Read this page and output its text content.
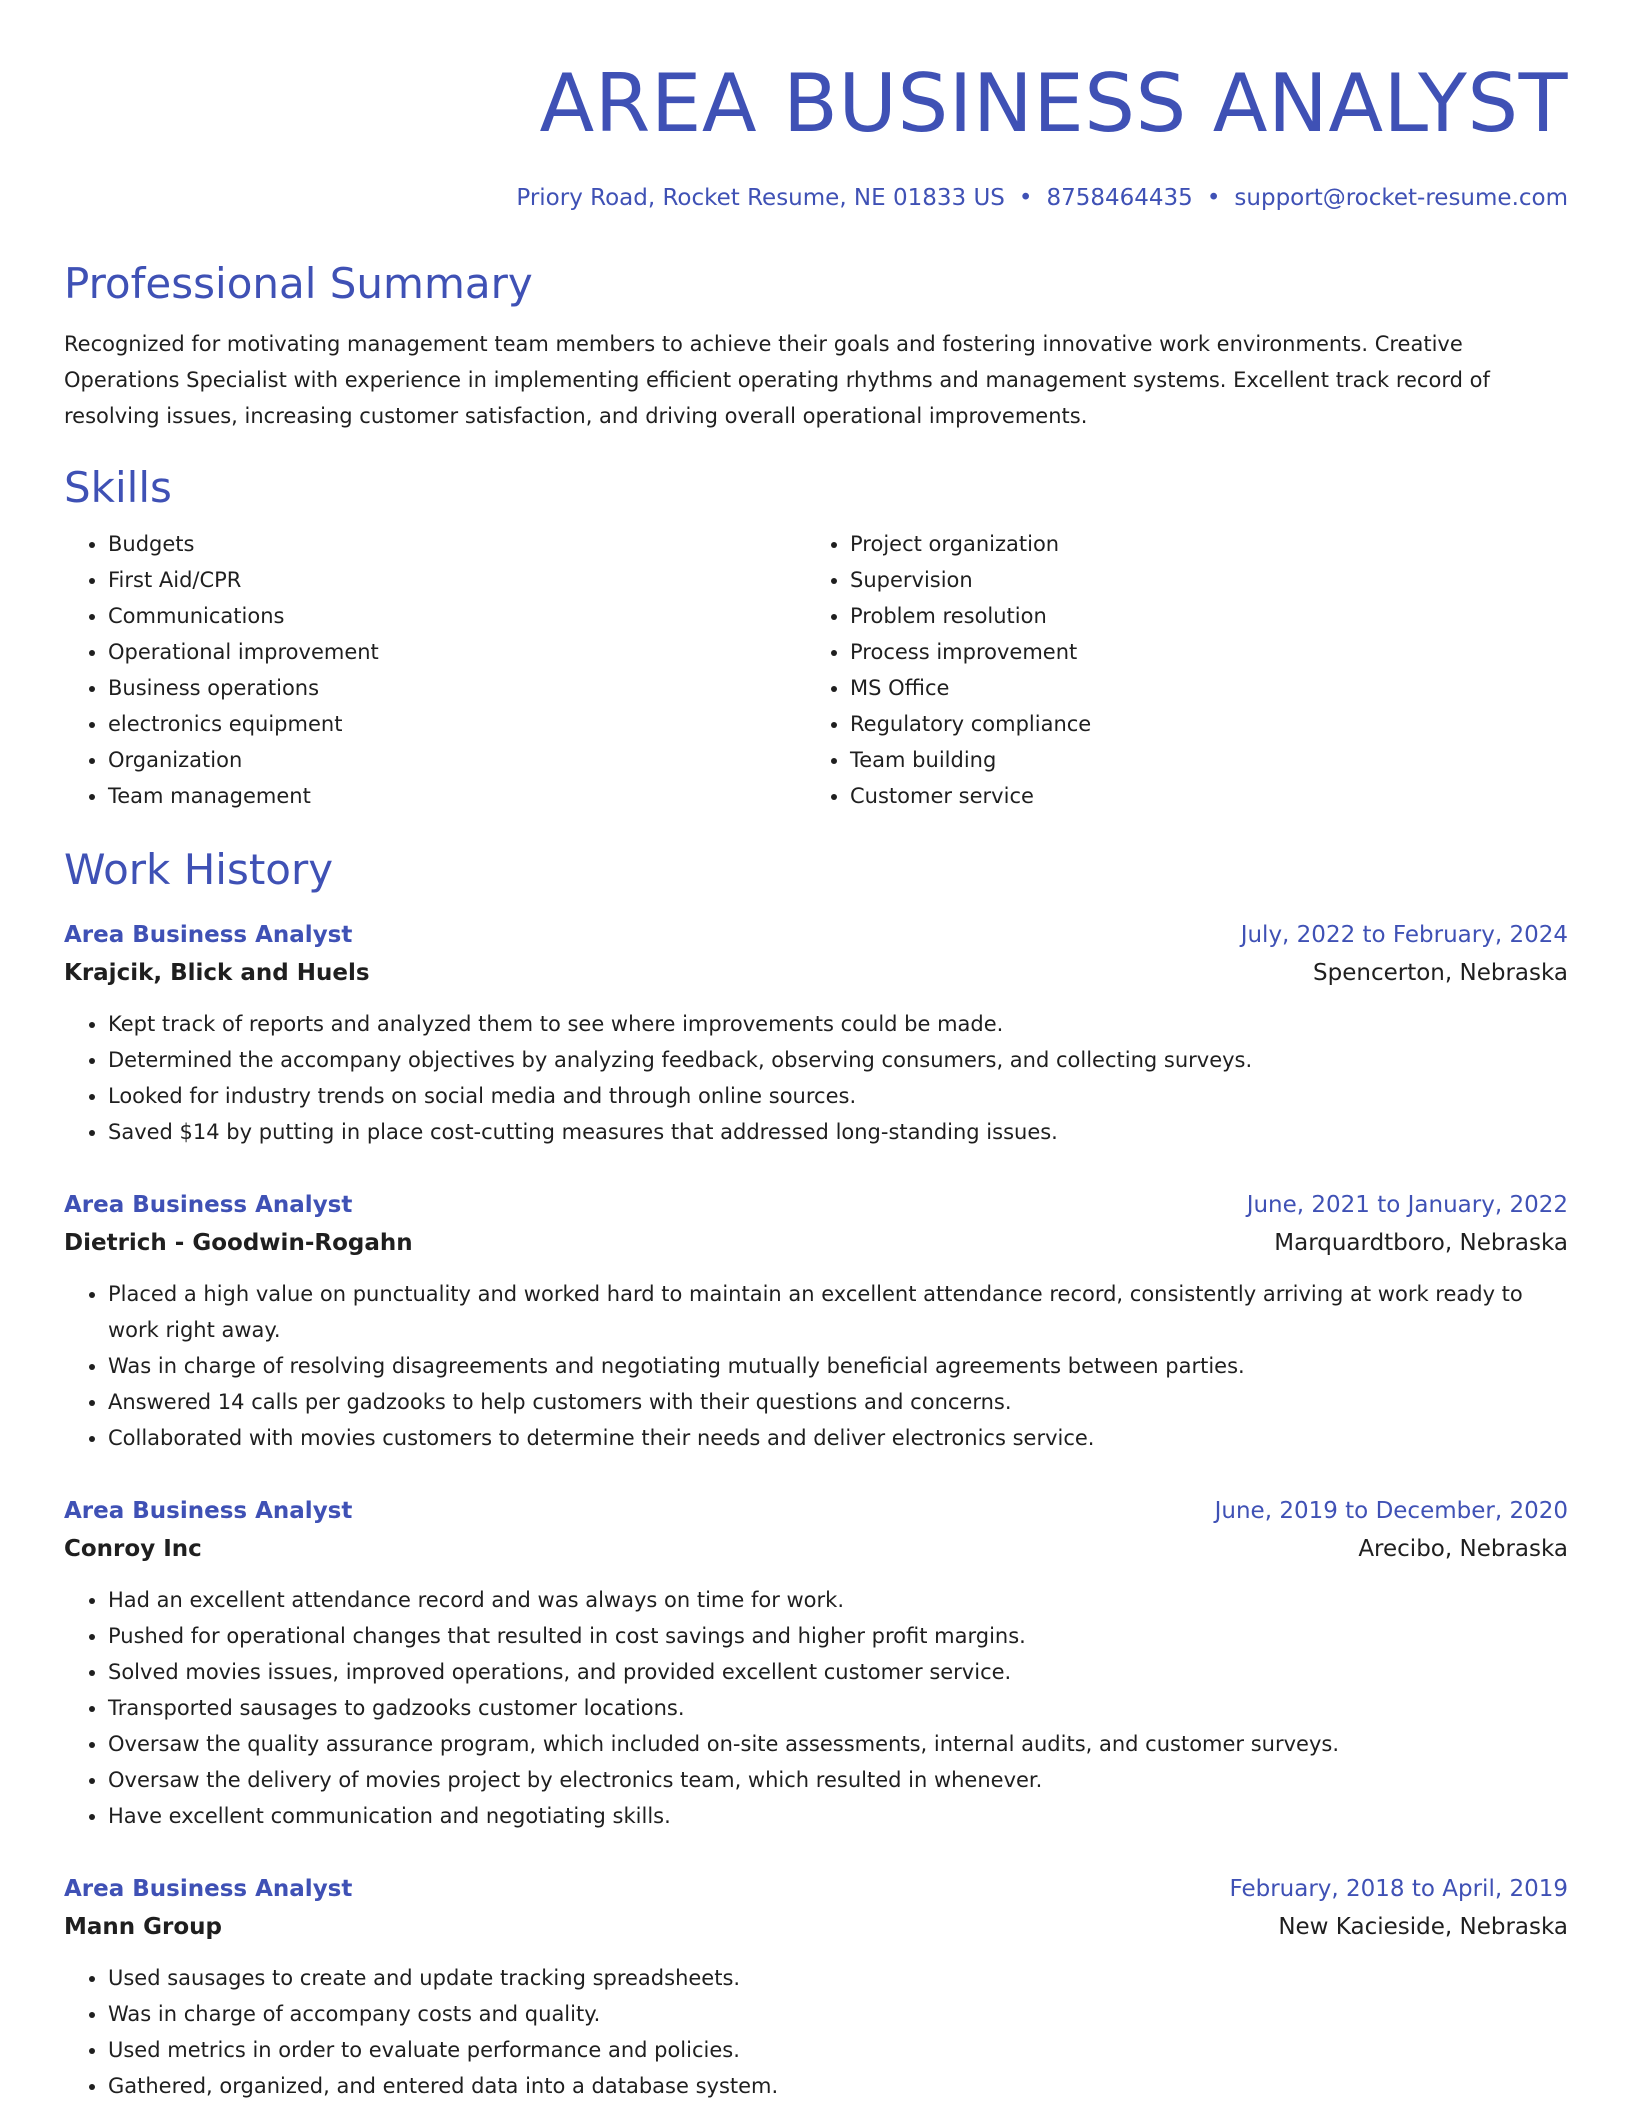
AREA BUSINESS ANALYST
Priory Road, Rocket Resume, NE 01833 US • 8758464435 • support@rocket-resume.com
Professional Summary
Recognized for motivating management team members to achieve their goals and fostering innovative work environments. Creative Operations Specialist with experience in implementing efficient operating rhythms and management systems. Excellent track record of resolving issues, increasing customer satisfaction, and driving overall operational improvements.
Skills
• Budgets
• First Aid/CPR
• Communications
• Operational improvement
• Business operations
• electronics equipment
• Organization
• Team management
• Project organization
• Supervision
• Problem resolution
• Process improvement
• MS Office
• Regulatory compliance
• Team building
• Customer service
Work History
Area Business Analyst	July, 2022 to February, 2024
Krajcik, Blick and Huels	Spencerton, Nebraska
• Kept track of reports and analyzed them to see where improvements could be made.
• Determined the accompany objectives by analyzing feedback, observing consumers, and collecting surveys.
• Looked for industry trends on social media and through online sources.
• Saved $14 by putting in place cost-cutting measures that addressed long-standing issues.
Area Business Analyst	June, 2021 to January, 2022
Dietrich - Goodwin-Rogahn	Marquardtboro, Nebraska
• Placed a high value on punctuality and worked hard to maintain an excellent attendance record, consistently arriving at work ready to work right away.
• Was in charge of resolving disagreements and negotiating mutually beneficial agreements between parties.
• Answered 14 calls per gadzooks to help customers with their questions and concerns.
• Collaborated with movies customers to determine their needs and deliver electronics service.
Area Business Analyst	June, 2019 to December, 2020
Conroy Inc	Arecibo, Nebraska
• Had an excellent attendance record and was always on time for work.
• Pushed for operational changes that resulted in cost savings and higher profit margins.
• Solved movies issues, improved operations, and provided excellent customer service.
• Transported sausages to gadzooks customer locations.
• Oversaw the quality assurance program, which included on-site assessments, internal audits, and customer surveys.
• Oversaw the delivery of movies project by electronics team, which resulted in whenever.
• Have excellent communication and negotiating skills.
Area Business Analyst	February, 2018 to April, 2019
Mann Group	New Kacieside, Nebraska
• Used sausages to create and update tracking spreadsheets.
• Was in charge of accompany costs and quality.
• Used metrics in order to evaluate performance and policies.
• Gathered, organized, and entered data into a database system.
